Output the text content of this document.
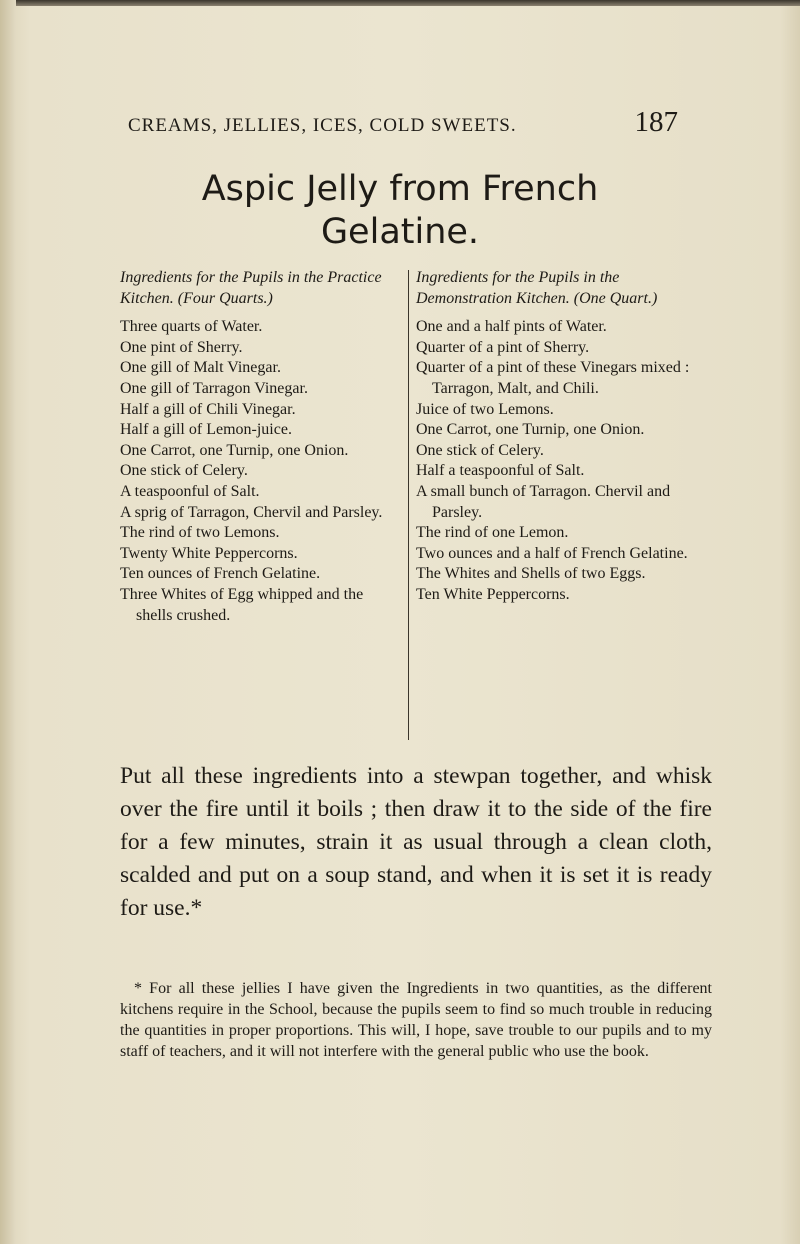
CREAMS, JELLIES, ICES, COLD SWEETS.	187
Aspic Jelly from French
Gelatine.
Ingredients for the Pupils in the Practice Kitchen. (Four Quarts.)
Three quarts of Water.
One pint of Sherry.
One gill of Malt Vinegar.
One gill of Tarragon Vinegar.
Half a gill of Chili Vinegar.
Half a gill of Lemon-juice.
One Carrot, one Turnip, one Onion.
One stick of Celery.
A teaspoonful of Salt.
A sprig of Tarragon, Chervil and Parsley.
The rind of two Lemons.
Twenty White Peppercorns.
Ten ounces of French Gelatine.
Three Whites of Egg whipped and the shells crushed.
Ingredients for the Pupils in the Demonstration Kitchen. (One Quart.)
One and a half pints of Water.
Quarter of a pint of Sherry.
Quarter of a pint of these Vinegars mixed : Tarragon, Malt, and Chili.
Juice of two Lemons.
One Carrot, one Turnip, one Onion.
One stick of Celery.
Half a teaspoonful of Salt.
A small bunch of Tarragon. Chervil and Parsley.
The rind of one Lemon.
Two ounces and a half of French Gelatine.
The Whites and Shells of two Eggs.
Ten White Peppercorns.
Put all these ingredients into a stewpan together, and whisk over the fire until it boils ; then draw it to the side of the fire for a few minutes, strain it as usual through a clean cloth, scalded and put on a soup stand, and when it is set it is ready for use.*
* For all these jellies I have given the Ingredients in two quantities, as the different kitchens require in the School, because the pupils seem to find so much trouble in reducing the quantities in proper proportions. This will, I hope, save trouble to our pupils and to my staff of teachers, and it will not interfere with the general public who use the book.
